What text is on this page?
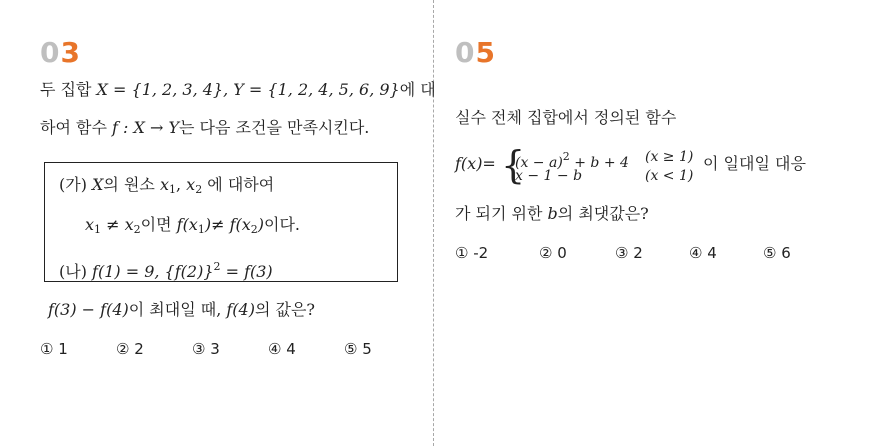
03
두 집합 X = {1, 2, 3, 4}, Y = {1, 2, 4, 5, 6, 9}에 대
하여 함수 f : X → Y는 다음 조건을 만족시킨다.
(가) X의 원소 $x_1$, $x_2$ 에 대하여
$x_1 \ne x_2$이면 $f(x_1)\ne f(x_2)$이다.
(나) f(1) = 9, $\{f(2)\}^2 = f(3)$
f(3) − f(4)이 최대일 때, f(4)의 값은?
① 1	② 2	③ 3	④ 4	⑤ 5
05
실수 전체 집합에서 정의된 함수
f(x)= {
$(x - a)^2 + b + 4$ (x ≥ 1)
x − 1 − b	(x < 1)
이 일대일 대응
가 되기 위한 b의 최댓값은?
① -2	② 0	③ 2	④ 4	⑤ 6
